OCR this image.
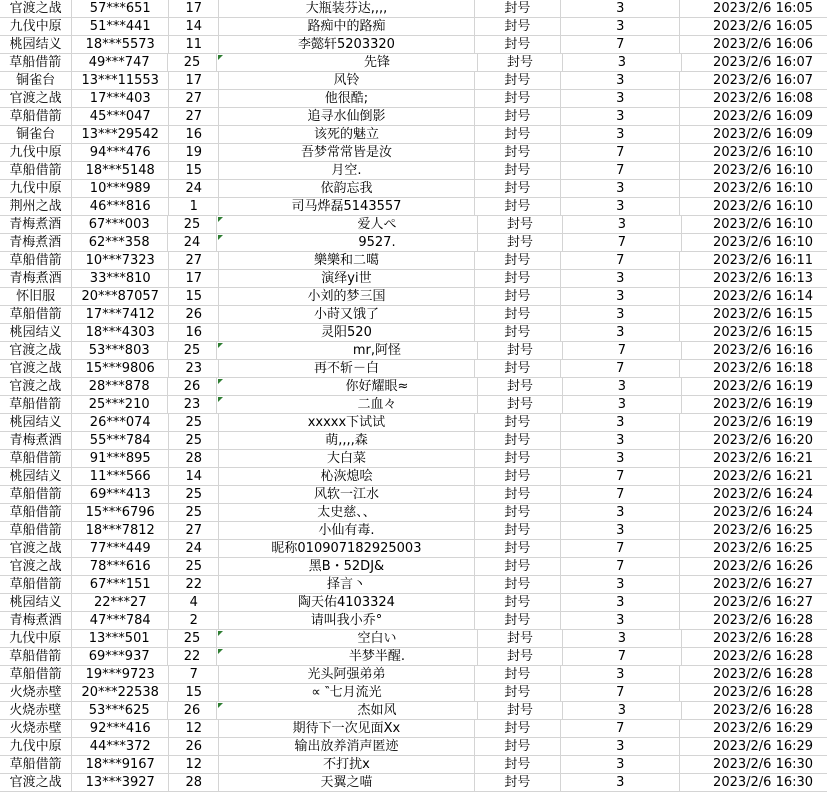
官渡之战	57***651	17	大瓶装芬达,,,,	封号	3	2023/2/6 16:05
九伐中原	51***441	14	路痴中的路痴	封号	3	2023/2/6 16:05
桃园结义	18***5573	11	李懿轩5203320	封号	7	2023/2/6 16:06
草船借箭	49***747	25	先锋	封号	3	2023/2/6 16:07
铜雀台	13***11553	17	风铃	封号	3	2023/2/6 16:07
官渡之战	17***403	27	他很酷;	封号	3	2023/2/6 16:08
草船借箭	45***047	27	追寻水仙倒影	封号	3	2023/2/6 16:09
铜雀台	13***29542	16	该死的魅立	封号	3	2023/2/6 16:09
九伐中原	94***476	19	吾梦常常皆是汝	封号	7	2023/2/6 16:10
草船借箭	18***5148	15	月空.	封号	7	2023/2/6 16:10
九伐中原	10***989	24	依韵忘我	封号	3	2023/2/6 16:10
荆州之战	46***816	1	司马烨磊5143557	封号	3	2023/2/6 16:10
青梅煮酒	67***003	25	爱人ぺ	封号	3	2023/2/6 16:10
青梅煮酒	62***358	24	9527.	封号	7	2023/2/6 16:10
草船借箭	10***7323	27	樂樂和二噶	封号	7	2023/2/6 16:11
青梅煮酒	33***810	17	演绎yi世	封号	3	2023/2/6 16:13
怀旧服	20***87057	15	小刘的梦三国	封号	3	2023/2/6 16:14
草船借箭	17***7412	26	小莳又饿了	封号	3	2023/2/6 16:15
桃园结义	18***4303	16	灵阳520	封号	3	2023/2/6 16:15
官渡之战	53***803	25	mr,阿怪	封号	7	2023/2/6 16:16
官渡之战	15***9806	23	再不斩－白	封号	7	2023/2/6 16:18
官渡之战	28***878	26	你好耀眼≈	封号	3	2023/2/6 16:19
草船借箭	25***210	23	二血々	封号	3	2023/2/6 16:19
桃园结义	26***074	25	xxxxx下试试	封号	3	2023/2/6 16:19
青梅煮酒	55***784	25	萌,,,,森	封号	3	2023/2/6 16:20
草船借箭	91***895	28	大白菜	封号	3	2023/2/6 16:21
桃园结义	11***566	14	杺洃熄哙	封号	7	2023/2/6 16:21
草船借箭	69***413	25	风软一江水	封号	7	2023/2/6 16:24
草船借箭	15***6796	25	太史慈、、	封号	3	2023/2/6 16:24
草船借箭	18***7812	27	小仙有毒.	封号	3	2023/2/6 16:25
官渡之战	77***449	24	昵称010907182925003	封号	7	2023/2/6 16:25
官渡之战	78***616	25	黑B・52DJ&	封号	7	2023/2/6 16:26
草船借箭	67***151	22	择言丶	封号	3	2023/2/6 16:27
桃园结义	22***27	4	陶天佑4103324	封号	3	2023/2/6 16:27
青梅煮酒	47***784	2	请叫我小乔°	封号	3	2023/2/6 16:28
九伐中原	13***501	25	空白い	封号	3	2023/2/6 16:28
草船借箭	69***937	22	半梦半醒.	封号	7	2023/2/6 16:28
草船借箭	19***9723	7	光头阿强弟弟	封号	3	2023/2/6 16:28
火烧赤壁	20***22538	15	∝ ‶七月流光	封号	7	2023/2/6 16:28
火烧赤壁	53***625	26	杰如风	封号	3	2023/2/6 16:28
火烧赤壁	92***416	12	期待下一次见面Xx	封号	7	2023/2/6 16:29
九伐中原	44***372	26	输出放养消声匿迹	封号	3	2023/2/6 16:29
草船借箭	18***9167	12	不打扰x	封号	3	2023/2/6 16:30
官渡之战	13***3927	28	天翼之喵	封号	3	2023/2/6 16:30
